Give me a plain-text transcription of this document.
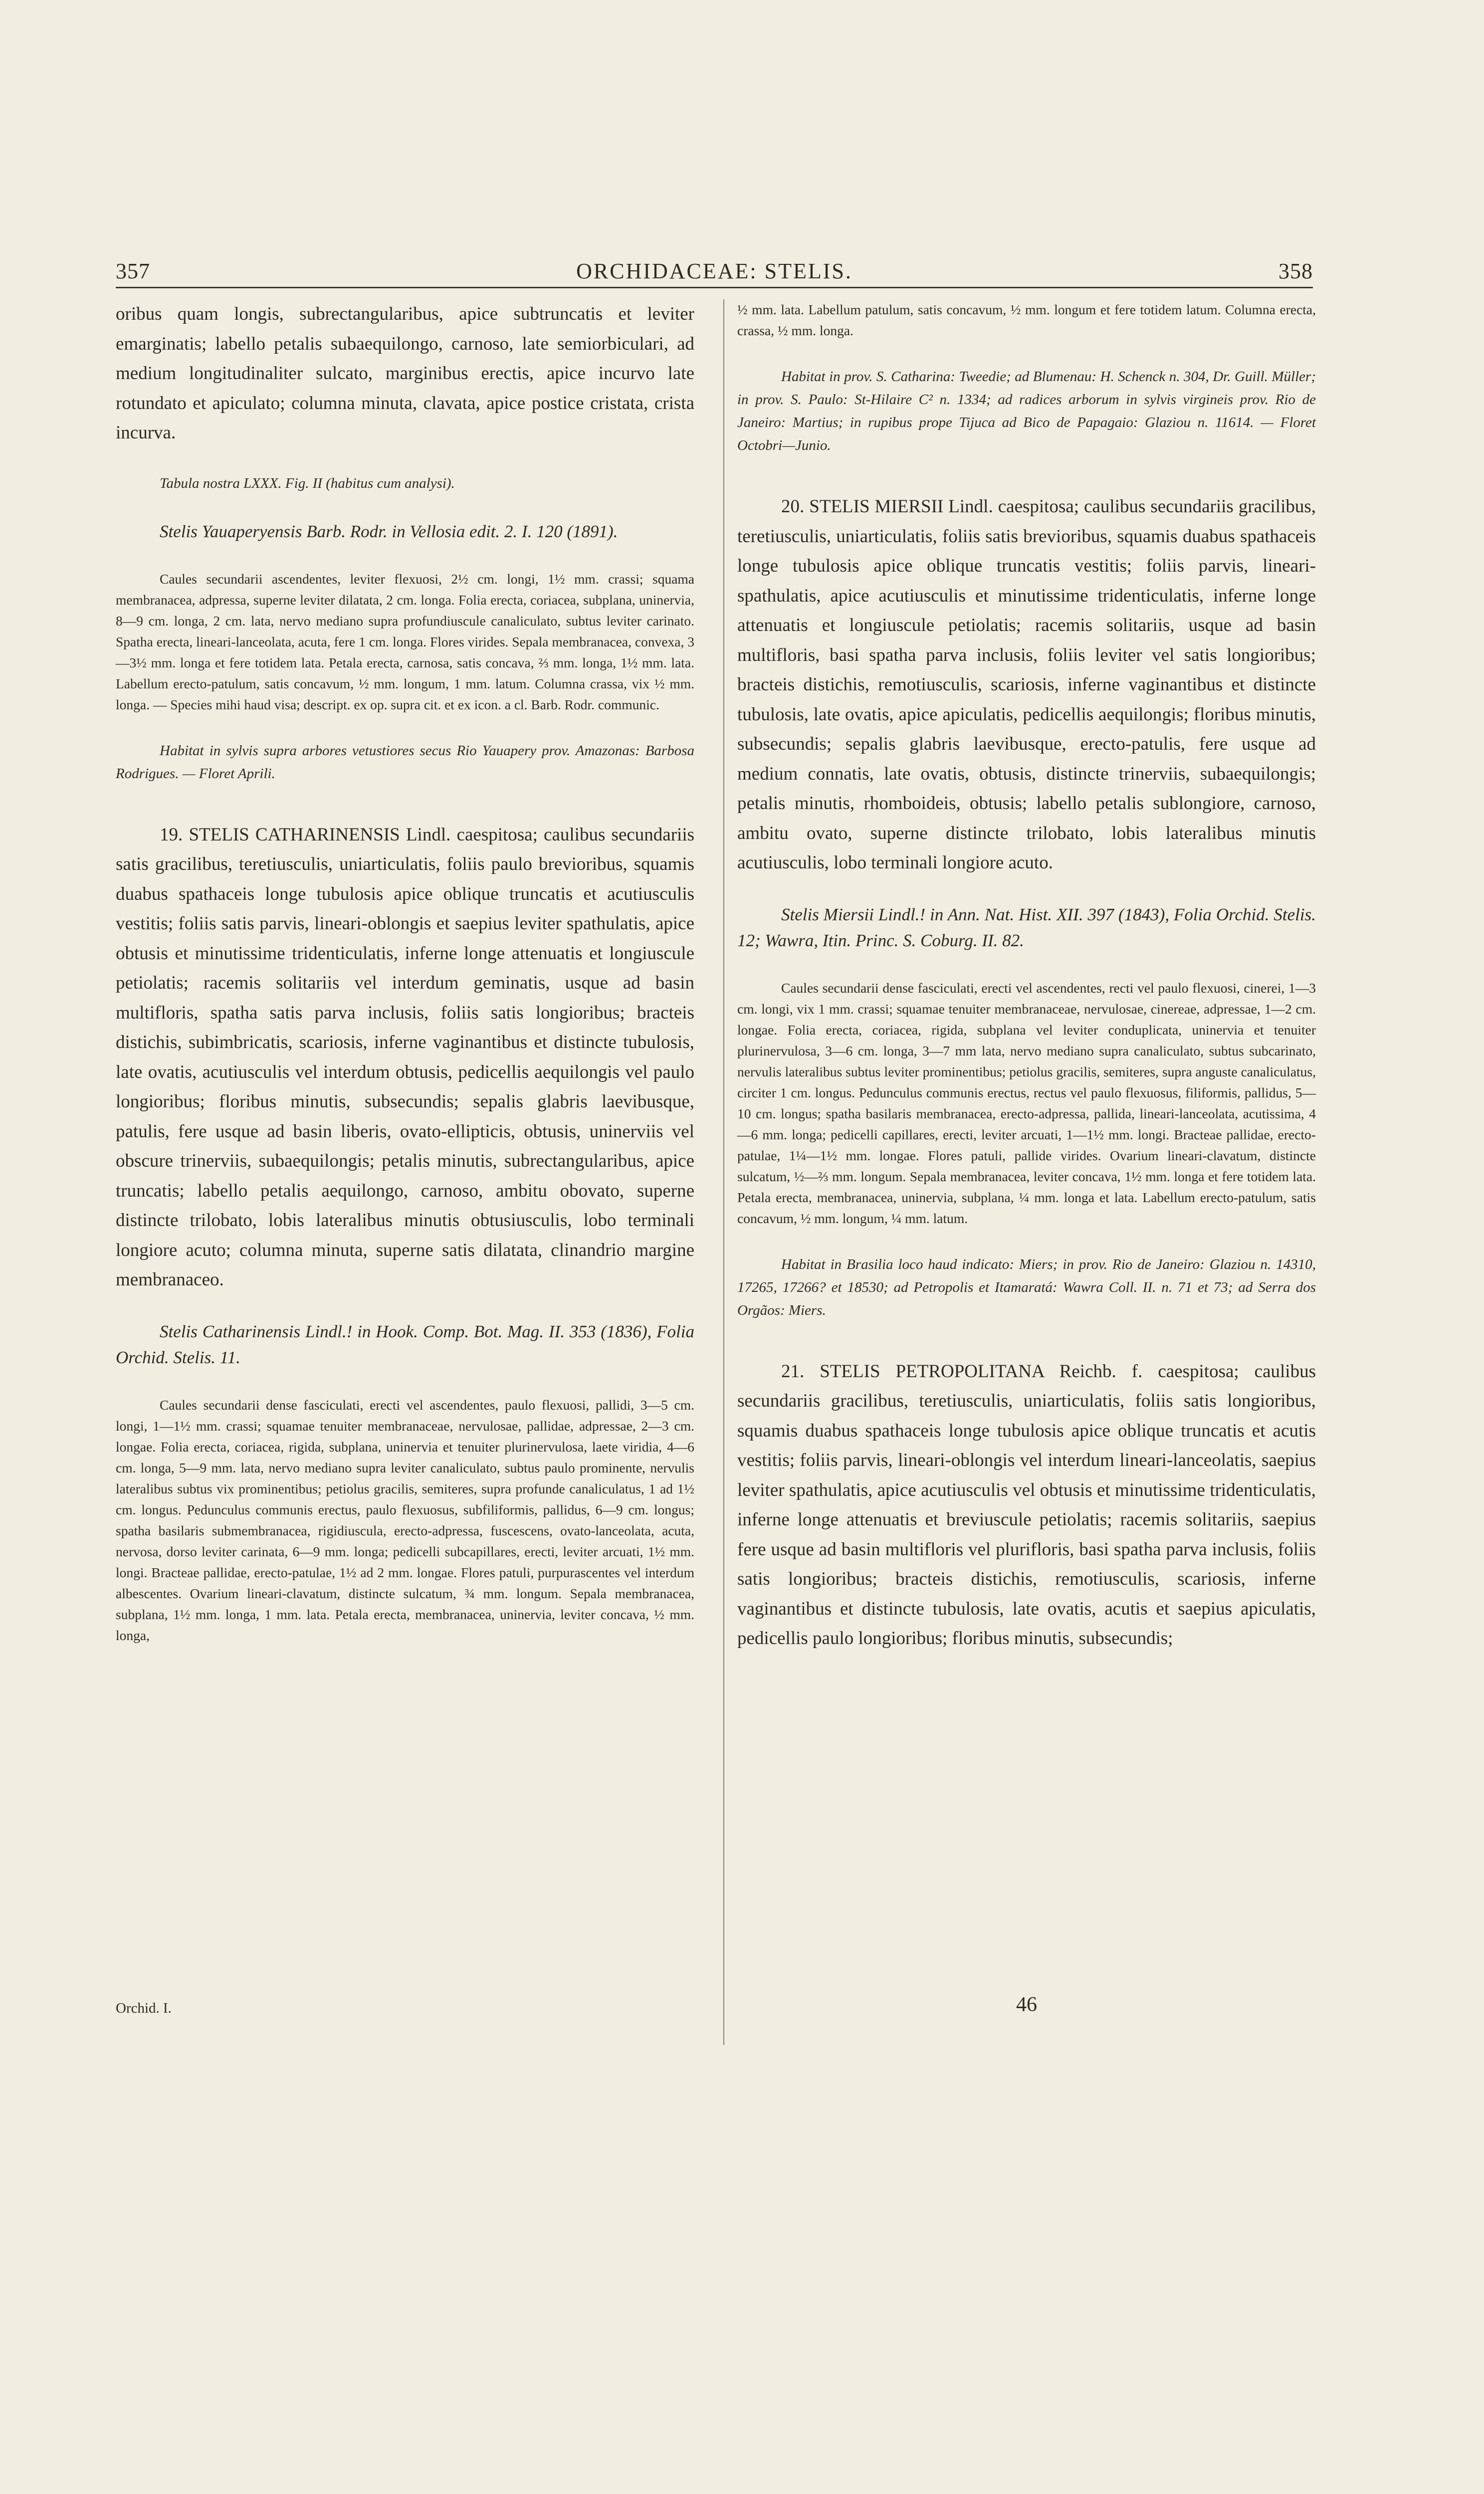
357	ORCHIDACEAE: STELIS.	358

oribus quam longis, subrectangularibus, apice subtruncatis et leviter emarginatis; labello petalis subaequilongo, carnoso, late semiorbiculari, ad medium longitudinaliter sulcato, marginibus erectis, apice incurvo late rotundato et apiculato; columna minuta, clavata, apice postice cristata, crista incurva.

Tabula nostra LXXX. Fig. II (habitus cum analysi).

Stelis Yauaperyensis Barb. Rodr. in Vellosia edit. 2. I. 120 (1891).

Caules secundarii ascendentes, leviter flexuosi, 2½ cm. longi, 1½ mm. crassi; squama membranacea, adpressa, superne leviter dilatata, 2 cm. longa. Folia erecta, coriacea, subplana, uninervia, 8—9 cm. longa, 2 cm. lata, nervo mediano supra profundiuscule canaliculato, subtus leviter carinato. Spatha erecta, lineari-lanceolata, acuta, fere 1 cm. longa. Flores virides. Sepala membranacea, convexa, 3—3½ mm. longa et fere totidem lata. Petala erecta, carnosa, satis concava, ⅔ mm. longa, 1½ mm. lata. Labellum erecto-patulum, satis concavum, ½ mm. longum, 1 mm. latum. Columna crassa, vix ½ mm. longa. — Species mihi haud visa; descript. ex op. supra cit. et ex icon. a cl. Barb. Rodr. communic.

Habitat in sylvis supra arbores vetustiores secus Rio Yauapery prov. Amazonas: Barbosa Rodrigues. — Floret Aprili.

19. STELIS CATHARINENSIS Lindl. caespitosa; caulibus secundariis satis gracilibus, teretiusculis, uniarticulatis, foliis paulo brevioribus, squamis duabus spathaceis longe tubulosis apice oblique truncatis et acutiusculis vestitis; foliis satis parvis, lineari-oblongis et saepius leviter spathulatis, apice obtusis et minutissime tridenticulatis, inferne longe attenuatis et longiuscule petiolatis; racemis solitariis vel interdum geminatis, usque ad basin multifloris, spatha satis parva inclusis, foliis satis longioribus; bracteis distichis, subimbricatis, scariosis, inferne vaginantibus et distincte tubulosis, late ovatis, acutiusculis vel interdum obtusis, pedicellis aequilongis vel paulo longioribus; floribus minutis, subsecundis; sepalis glabris laevibusque, patulis, fere usque ad basin liberis, ovato-ellipticis, obtusis, uninerviis vel obscure trinerviis, subaequilongis; petalis minutis, subrectangularibus, apice truncatis; labello petalis aequilongo, carnoso, ambitu obovato, superne distincte trilobato, lobis lateralibus minutis obtusiusculis, lobo terminali longiore acuto; columna minuta, superne satis dilatata, clinandrio margine membranaceo.

Stelis Catharinensis Lindl.! in Hook. Comp. Bot. Mag. II. 353 (1836), Folia Orchid. Stelis. 11.

Caules secundarii dense fasciculati, erecti vel ascendentes, paulo flexuosi, pallidi, 3—5 cm. longi, 1—1½ mm. crassi; squamae tenuiter membranaceae, nervulosae, pallidae, adpressae, 2—3 cm. longae. Folia erecta, coriacea, rigida, subplana, uninervia et tenuiter plurinervulosa, laete viridia, 4—6 cm. longa, 5—9 mm. lata, nervo mediano supra leviter canaliculato, subtus paulo prominente, nervulis lateralibus subtus vix prominentibus; petiolus gracilis, semiteres, supra profunde canaliculatus, 1 ad 1½ cm. longus. Pedunculus communis erectus, paulo flexuosus, subfiliformis, pallidus, 6—9 cm. longus; spatha basilaris submembranacea, rigidiuscula, erecto-adpressa, fuscescens, ovato-lanceolata, acuta, nervosa, dorso leviter carinata, 6—9 mm. longa; pedicelli subcapillares, erecti, leviter arcuati, 1½ mm. longi. Bracteae pallidae, erecto-patulae, 1½ ad 2 mm. longae. Flores patuli, purpurascentes vel interdum albescentes. Ovarium lineari-clavatum, distincte sulcatum, ¾ mm. longum. Sepala membranacea, subplana, 1½ mm. longa, 1 mm. lata. Petala erecta, membranacea, uninervia, leviter concava, ½ mm. longa,

½ mm. lata. Labellum patulum, satis concavum, ½ mm. longum et fere totidem latum. Columna erecta, crassa, ½ mm. longa.

Habitat in prov. S. Catharina: Tweedie; ad Blumenau: H. Schenck n. 304, Dr. Guill. Müller; in prov. S. Paulo: St-Hilaire C² n. 1334; ad radices arborum in sylvis virgineis prov. Rio de Janeiro: Martius; in rupibus prope Tijuca ad Bico de Papagaio: Glaziou n. 11614. — Floret Octobri—Junio.

20. STELIS MIERSII Lindl. caespitosa; caulibus secundariis gracilibus, teretiusculis, uniarticulatis, foliis satis brevioribus, squamis duabus spathaceis longe tubulosis apice oblique truncatis vestitis; foliis parvis, lineari-spathulatis, apice acutiusculis et minutissime tridenticulatis, inferne longe attenuatis et longiuscule petiolatis; racemis solitariis, usque ad basin multifloris, basi spatha parva inclusis, foliis leviter vel satis longioribus; bracteis distichis, remotiusculis, scariosis, inferne vaginantibus et distincte tubulosis, late ovatis, apice apiculatis, pedicellis aequilongis; floribus minutis, subsecundis; sepalis glabris laevibusque, erecto-patulis, fere usque ad medium connatis, late ovatis, obtusis, distincte trinerviis, subaequilongis; petalis minutis, rhomboideis, obtusis; labello petalis sublongiore, carnoso, ambitu ovato, superne distincte trilobato, lobis lateralibus minutis acutiusculis, lobo terminali longiore acuto.

Stelis Miersii Lindl.! in Ann. Nat. Hist. XII. 397 (1843), Folia Orchid. Stelis. 12; Wawra, Itin. Princ. S. Coburg. II. 82.

Caules secundarii dense fasciculati, erecti vel ascendentes, recti vel paulo flexuosi, cinerei, 1—3 cm. longi, vix 1 mm. crassi; squamae tenuiter membranaceae, nervulosae, cinereae, adpressae, 1—2 cm. longae. Folia erecta, coriacea, rigida, subplana vel leviter conduplicata, uninervia et tenuiter plurinervulosa, 3—6 cm. longa, 3—7 mm lata, nervo mediano supra canaliculato, subtus subcarinato, nervulis lateralibus subtus leviter prominentibus; petiolus gracilis, semiteres, supra anguste canaliculatus, circiter 1 cm. longus. Pedunculus communis erectus, rectus vel paulo flexuosus, filiformis, pallidus, 5—10 cm. longus; spatha basilaris membranacea, erecto-adpressa, pallida, lineari-lanceolata, acutissima, 4—6 mm. longa; pedicelli capillares, erecti, leviter arcuati, 1—1½ mm. longi. Bracteae pallidae, erecto-patulae, 1¼—1½ mm. longae. Flores patuli, pallide virides. Ovarium lineari-clavatum, distincte sulcatum, ½—⅔ mm. longum. Sepala membranacea, leviter concava, 1½ mm. longa et fere totidem lata. Petala erecta, membranacea, uninervia, subplana, ¼ mm. longa et lata. Labellum erecto-patulum, satis concavum, ½ mm. longum, ¼ mm. latum.

Habitat in Brasilia loco haud indicato: Miers; in prov. Rio de Janeiro: Glaziou n. 14310, 17265, 17266? et 18530; ad Petropolis et Itamaratá: Wawra Coll. II. n. 71 et 73; ad Serra dos Orgãos: Miers.

21. STELIS PETROPOLITANA Reichb. f. caespitosa; caulibus secundariis gracilibus, teretiusculis, uniarticulatis, foliis satis longioribus, squamis duabus spathaceis longe tubulosis apice oblique truncatis et acutis vestitis; foliis parvis, lineari-oblongis vel interdum lineari-lanceolatis, saepius leviter spathulatis, apice acutiusculis vel obtusis et minutissime tridenticulatis, inferne longe attenuatis et breviuscule petiolatis; racemis solitariis, saepius fere usque ad basin multifloris vel plurifloris, basi spatha parva inclusis, foliis satis longioribus; bracteis distichis, remotiusculis, scariosis, inferne vaginantibus et distincte tubulosis, late ovatis, acutis et saepius apiculatis, pedicellis paulo longioribus; floribus minutis, subsecundis;

Orchid. I.	46
